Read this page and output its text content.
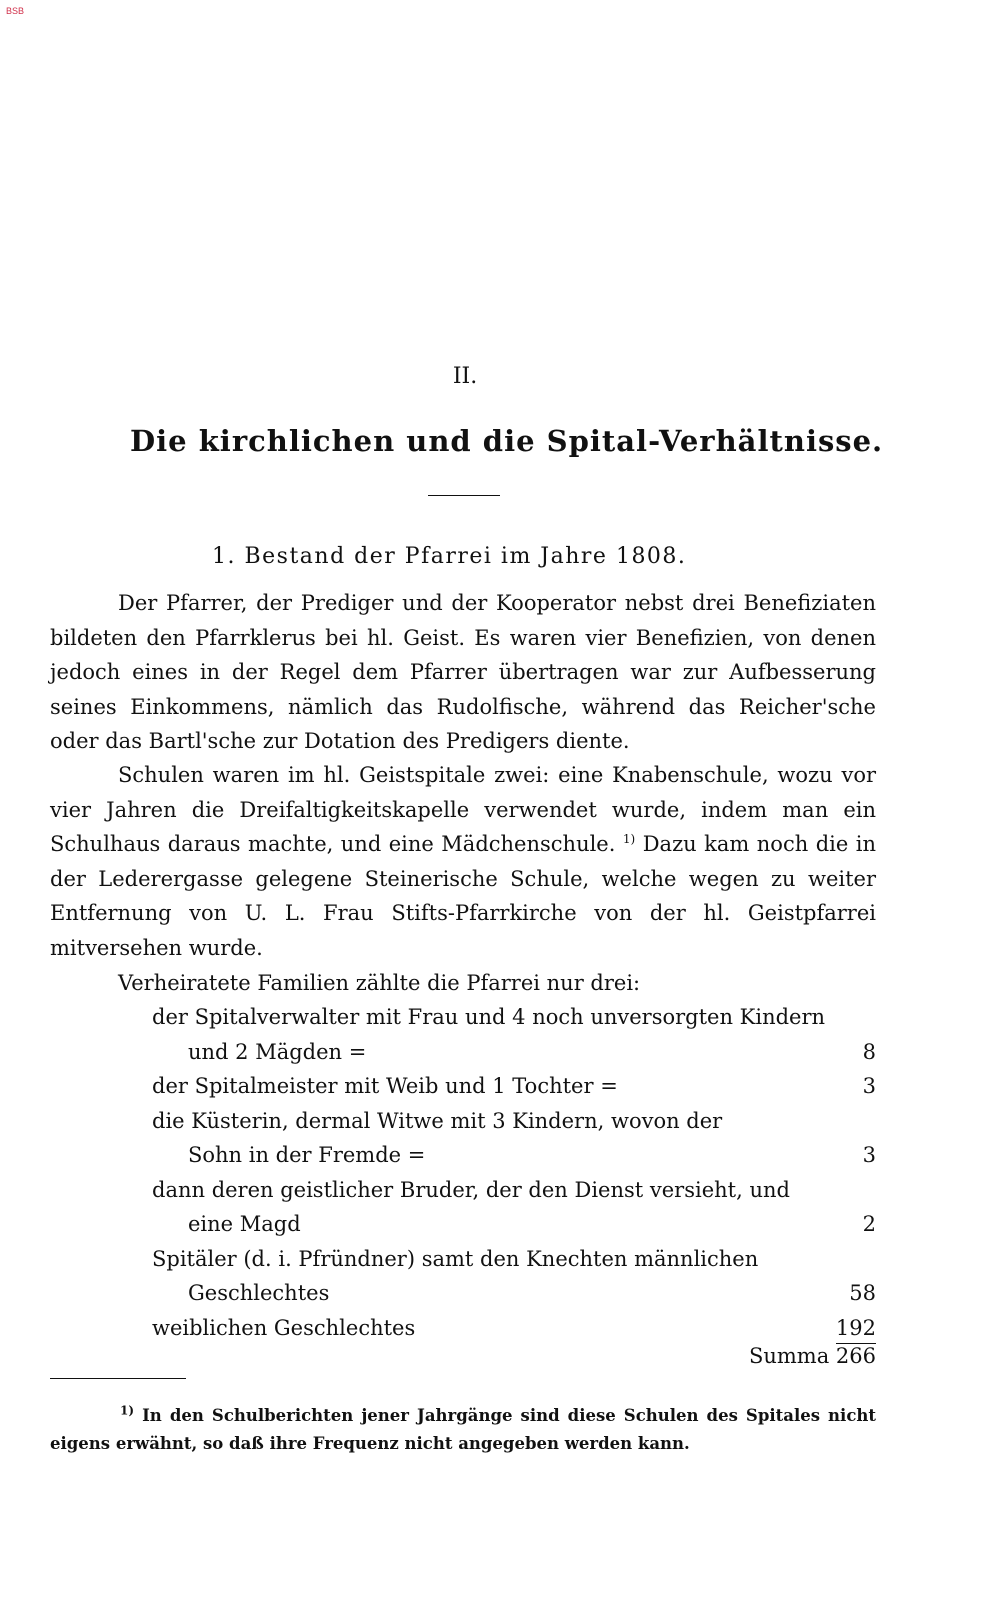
BSB
II.
Die kirchlichen und die Spital-Verhältnisse.
1. Bestand der Pfarrei im Jahre 1808.
Der Pfarrer, der Prediger und der Kooperator nebst drei Benefiziaten bildeten den Pfarrklerus bei hl. Geist. Es waren vier Benefizien, von denen jedoch eines in der Regel dem Pfarrer übertragen war zur Aufbesserung seines Einkommens, nämlich das Rudolfische, während das Reicher'sche oder das Bartl'sche zur Dotation des Predigers diente.
Schulen waren im hl. Geistspitale zwei: eine Knabenschule, wozu vor vier Jahren die Dreifaltigkeitskapelle verwendet wurde, indem man ein Schulhaus daraus machte, und eine Mädchenschule. $^{1)}$ Dazu kam noch die in der Lederergasse gelegene Steinerische Schule, welche wegen zu weiter Entfernung von U. L. Frau Stifts-Pfarrkirche von der hl. Geistpfarrei mitversehen wurde.
Verheiratete Familien zählte die Pfarrei nur drei:
der Spitalverwalter mit Frau und 4 noch unversorgten Kindern
und 2 Mägden =	8
der Spitalmeister mit Weib und 1 Tochter =	3
die Küsterin, dermal Witwe mit 3 Kindern, wovon der
Sohn in der Fremde =	3
dann deren geistlicher Bruder, der den Dienst versieht, und
eine Magd	2
Spitäler (d. i. Pfründner) samt den Knechten männlichen
Geschlechtes	58
weiblichen Geschlechtes	192
Summa 266
$^{1)}$ In den Schulberichten jener Jahrgänge sind diese Schulen des Spitales nicht eigens erwähnt, so daß ihre Frequenz nicht angegeben werden kann.
